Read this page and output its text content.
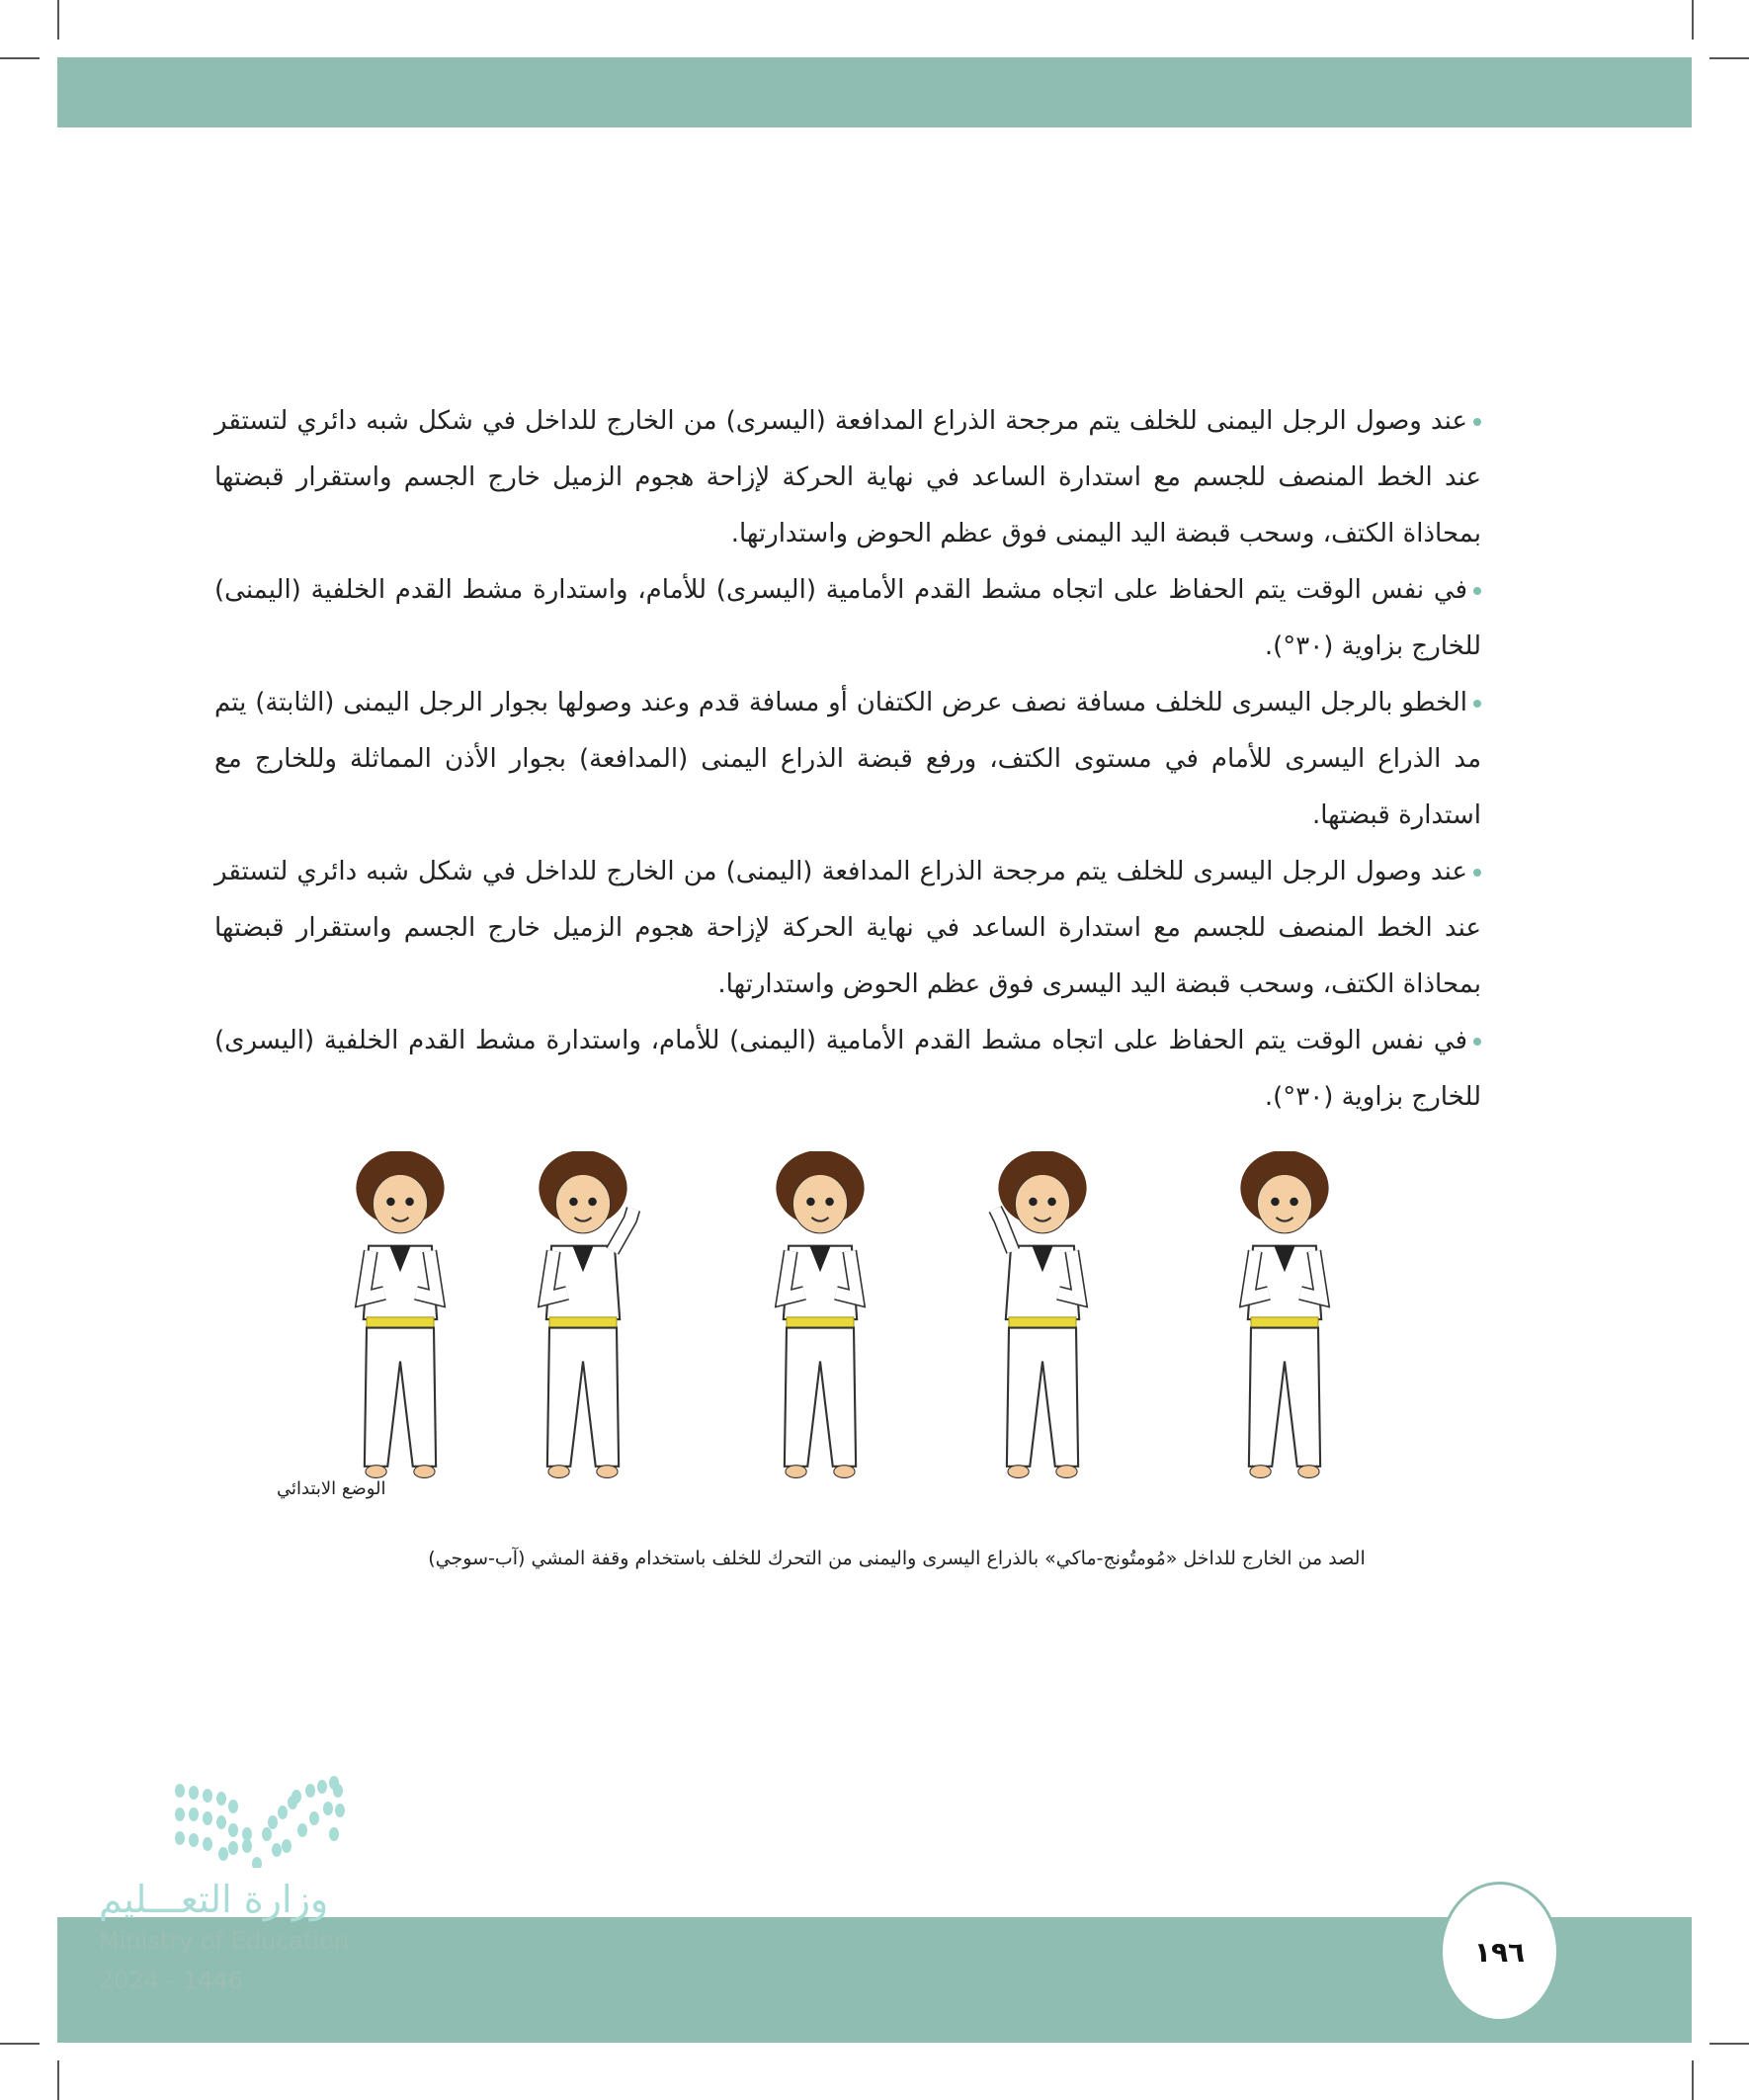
عند وصول الرجل اليمنى للخلف يتم مرجحة الذراع المدافعة (اليسرى) من الخارج للداخل في شكل شبه دائري لتستقر عند الخط المنصف للجسم مع استدارة الساعد في نهاية الحركة لإزاحة هجوم الزميل خارج الجسم واستقرار قبضتها بمحاذاة الكتف، وسحب قبضة اليد اليمنى فوق عظم الحوض واستدارتها.

في نفس الوقت يتم الحفاظ على اتجاه مشط القدم الأمامية (اليسرى) للأمام، واستدارة مشط القدم الخلفية (اليمنى) للخارج بزاوية (٣٠°).

الخطو بالرجل اليسرى للخلف مسافة نصف عرض الكتفان أو مسافة قدم وعند وصولها بجوار الرجل اليمنى (الثابتة) يتم مد الذراع اليسرى للأمام في مستوى الكتف، ورفع قبضة الذراع اليمنى (المدافعة) بجوار الأذن المماثلة وللخارج مع استدارة قبضتها.

عند وصول الرجل اليسرى للخلف يتم مرجحة الذراع المدافعة (اليمنى) من الخارج للداخل في شكل شبه دائري لتستقر عند الخط المنصف للجسم مع استدارة الساعد في نهاية الحركة لإزاحة هجوم الزميل خارج الجسم واستقرار قبضتها بمحاذاة الكتف، وسحب قبضة اليد اليسرى فوق عظم الحوض واستدارتها.

في نفس الوقت يتم الحفاظ على اتجاه مشط القدم الأمامية (اليمنى) للأمام، واستدارة مشط القدم الخلفية (اليسرى) للخارج بزاوية (٣٠°).

الوضع الابتدائي
الصد من الخارج للداخل «مُومتُونج-ماكي» بالذراع اليسرى واليمنى من التحرك للخلف باستخدام وقفة المشي (آب-سوجي)
وزارة التعـــليم
Ministry of Education
2024 - 1446
١٩٦
